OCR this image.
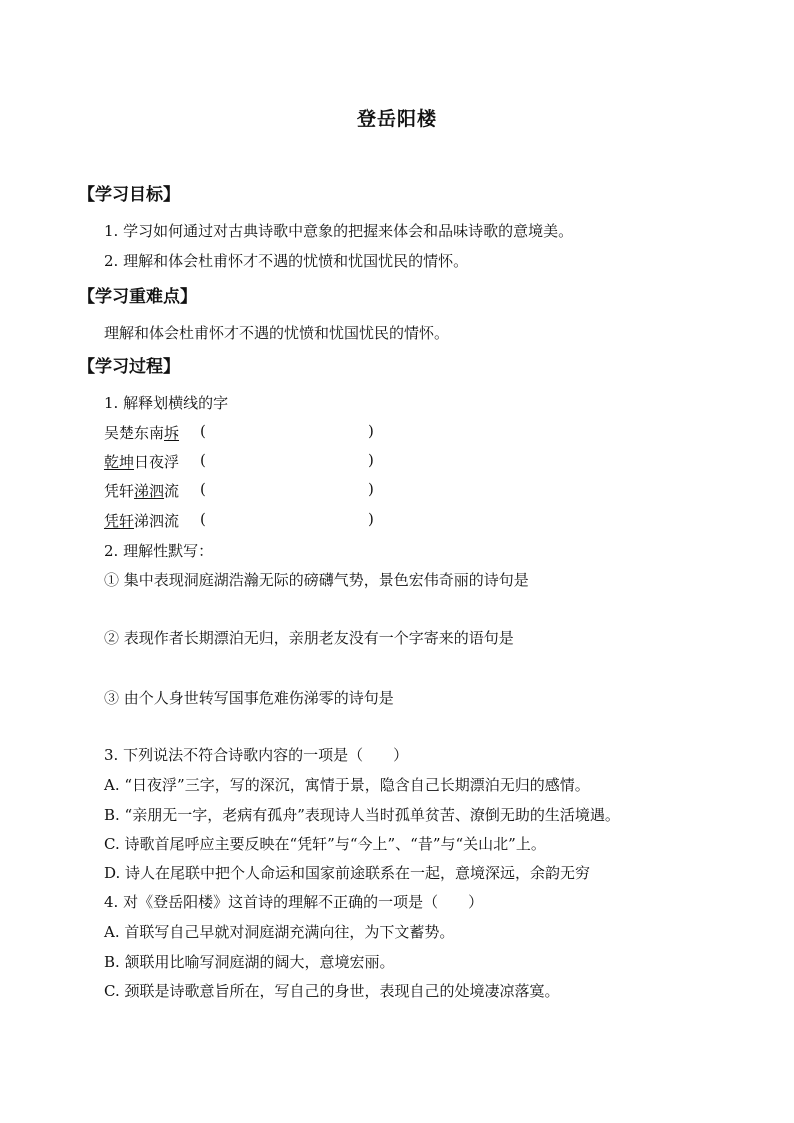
登岳阳楼
【学习目标】
1. 学习如何通过对古典诗歌中意象的把握来体会和品味诗歌的意境美。
2. 理解和体会杜甫怀才不遇的忧愤和忧国忧民的情怀。
【学习重难点】
理解和体会杜甫怀才不遇的忧愤和忧国忧民的情怀。
【学习过程】
1. 解释划横线的字
吴楚东南坼 (	)
乾坤日夜浮 (	)
凭轩涕泗流 (	)
凭轩涕泗流 (	)
2. 理解性默写：
① 集中表现洞庭湖浩瀚无际的磅礴气势，景色宏伟奇丽的诗句是
② 表现作者长期漂泊无归，亲朋老友没有一个字寄来的语句是
③ 由个人身世转写国事危难伤涕零的诗句是
3. 下列说法不符合诗歌内容的一项是（　　）
A. “日夜浮”三字，写的深沉，寓情于景，隐含自己长期漂泊无归的感情。
B. “亲朋无一字，老病有孤舟”表现诗人当时孤单贫苦、潦倒无助的生活境遇。
C. 诗歌首尾呼应主要反映在“凭轩”与“今上”、“昔”与“关山北”上。
D. 诗人在尾联中把个人命运和国家前途联系在一起，意境深远，余韵无穷
4. 对《登岳阳楼》这首诗的理解不正确的一项是（　　）
A. 首联写自己早就对洞庭湖充满向往，为下文蓄势。
B. 颔联用比喻写洞庭湖的阔大，意境宏丽。
C. 颈联是诗歌意旨所在，写自己的身世，表现自己的处境凄凉落寞。
